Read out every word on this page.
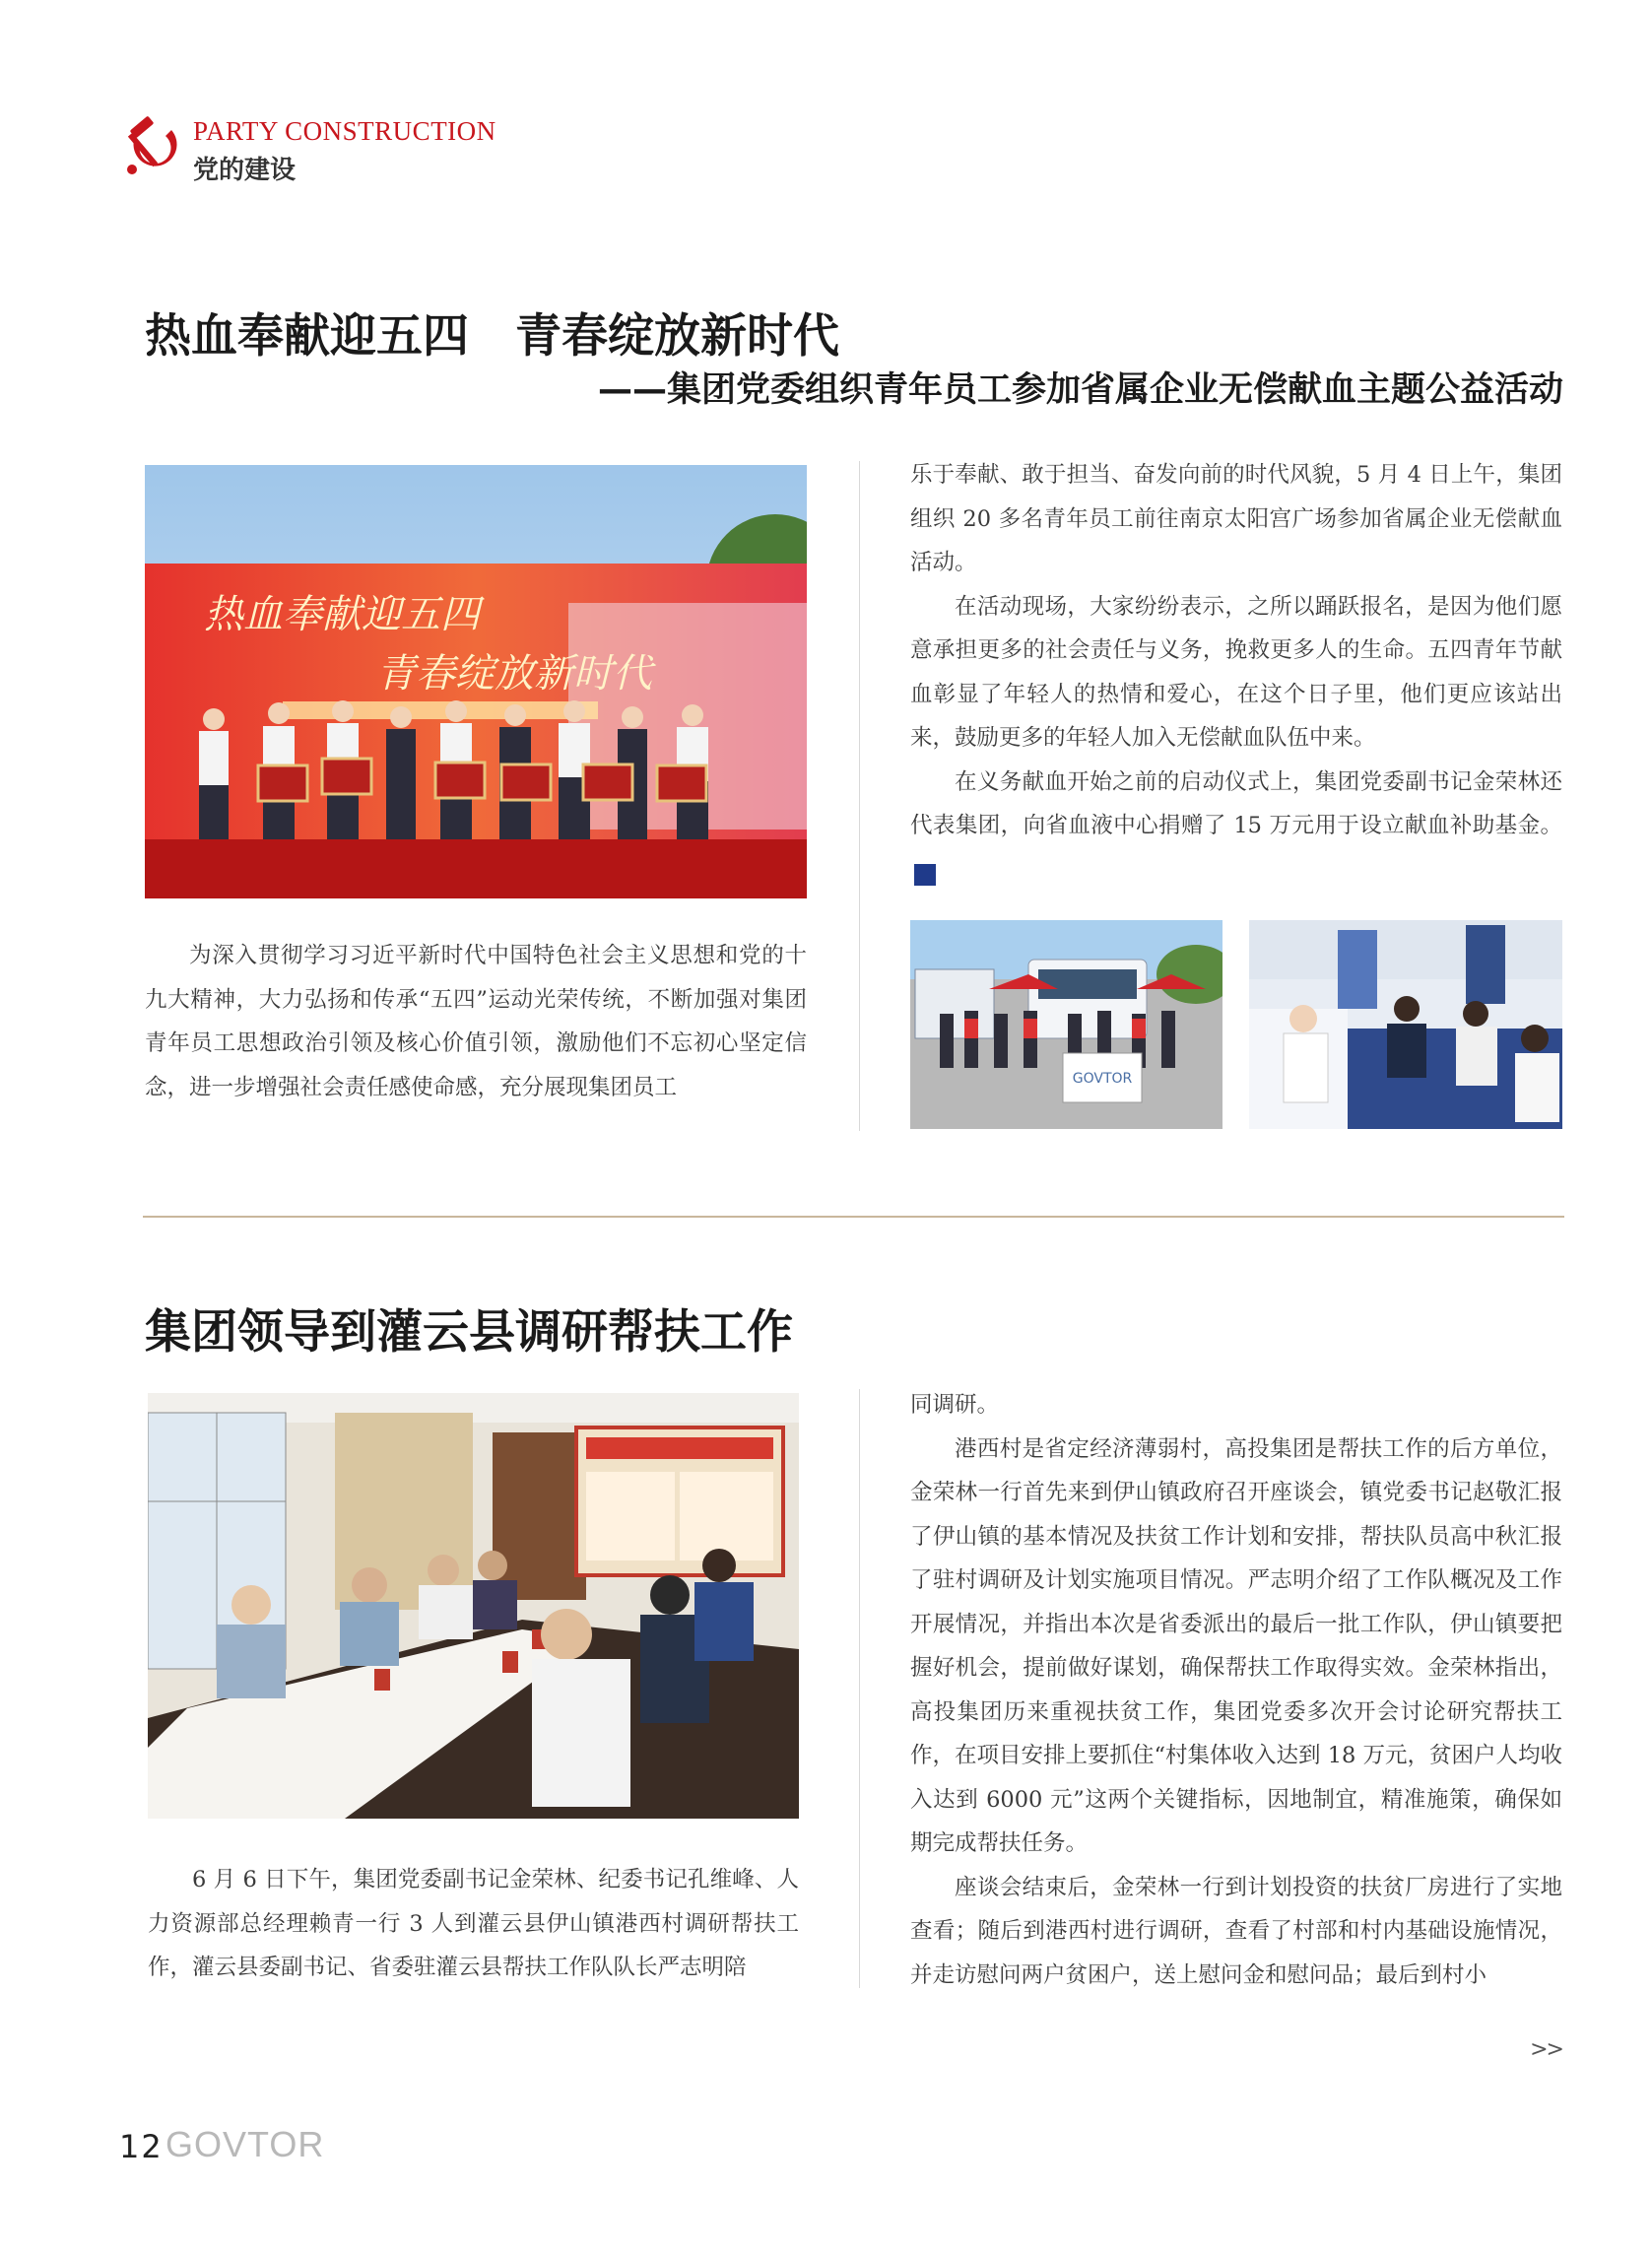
PARTY CONSTRUCTION
党的建设
热血奉献迎五四　青春绽放新时代
——集团党委组织青年员工参加省属企业无偿献血主题公益活动
热血奉献迎五四
青春绽放新时代

为深入贯彻学习习近平新时代中国特色社会主义思想和党的十九大精神，大力弘扬和传承“五四”运动光荣传统，不断加强对集团青年员工思想政治引领及核心价值引领，激励他们不忘初心坚定信念，进一步增强社会责任感使命感，充分展现集团员工

乐于奉献、敢于担当、奋发向前的时代风貌，5 月 4 日上午，集团组织 20 多名青年员工前往南京太阳宫广场参加省属企业无偿献血活动。

在活动现场，大家纷纷表示，之所以踊跃报名，是因为他们愿意承担更多的社会责任与义务，挽救更多人的生命。五四青年节献血彰显了年轻人的热情和爱心，在这个日子里，他们更应该站出来，鼓励更多的年轻人加入无偿献血队伍中来。

在义务献血开始之前的启动仪式上，集团党委副书记金荣林还代表集团，向省血液中心捐赠了 15 万元用于设立献血补助基金。V

GOVTOR
集团领导到灌云县调研帮扶工作

6 月 6 日下午，集团党委副书记金荣林、纪委书记孔维峰、人力资源部总经理赖青一行 3 人到灌云县伊山镇港西村调研帮扶工作，灌云县委副书记、省委驻灌云县帮扶工作队队长严志明陪

同调研。

港西村是省定经济薄弱村，高投集团是帮扶工作的后方单位，金荣林一行首先来到伊山镇政府召开座谈会，镇党委书记赵敬汇报了伊山镇的基本情况及扶贫工作计划和安排，帮扶队员高中秋汇报了驻村调研及计划实施项目情况。严志明介绍了工作队概况及工作开展情况，并指出本次是省委派出的最后一批工作队，伊山镇要把握好机会，提前做好谋划，确保帮扶工作取得实效。金荣林指出，高投集团历来重视扶贫工作，集团党委多次开会讨论研究帮扶工作，在项目安排上要抓住“村集体收入达到 18 万元，贫困户人均收入达到 6000 元”这两个关键指标，因地制宜，精准施策，确保如期完成帮扶任务。

座谈会结束后，金荣林一行到计划投资的扶贫厂房进行了实地查看；随后到港西村进行调研，查看了村部和村内基础设施情况，并走访慰问两户贫困户，送上慰问金和慰问品；最后到村小

>>
12 GOVTOR
